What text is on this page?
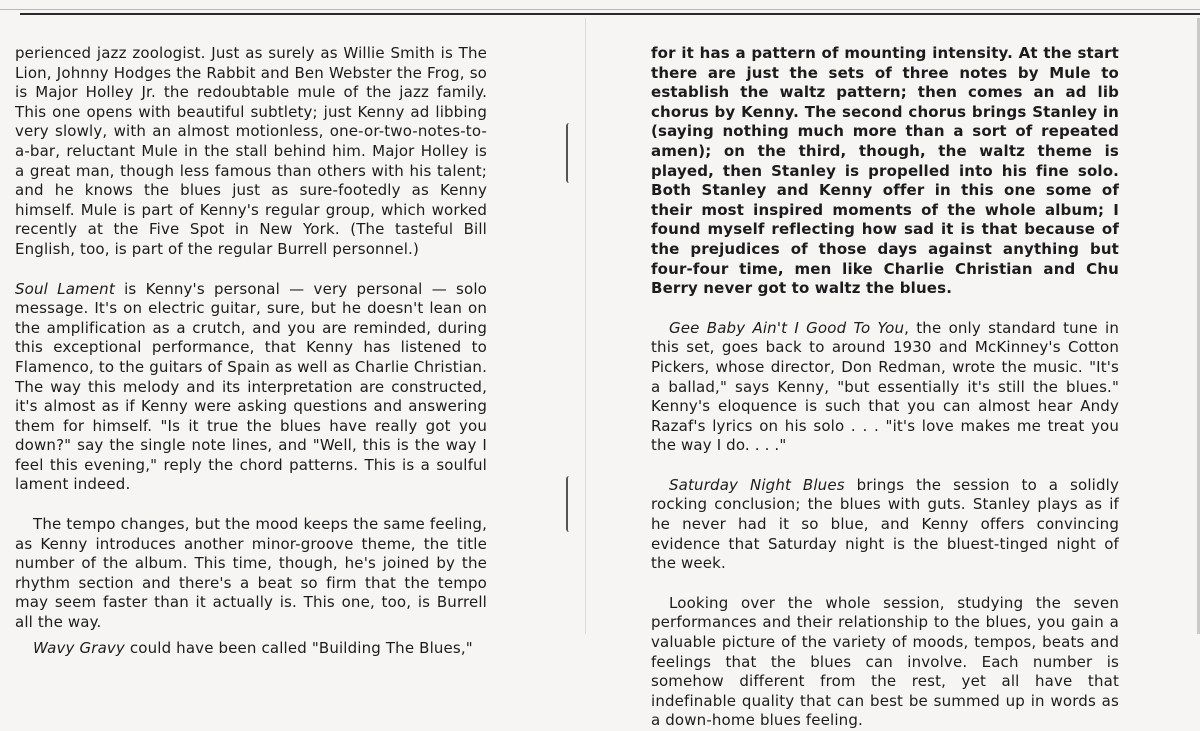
perienced jazz zoologist. Just as surely as Willie Smith is The Lion, Johnny Hodges the Rabbit and Ben Webster the Frog, so is Major Holley Jr. the redoubtable mule of the jazz family. This one opens with beautiful subtlety; just Kenny ad libbing very slowly, with an almost motionless, one-or-two-notes-to-a-bar, reluctant Mule in the stall behind him. Major Holley is a great man, though less famous than others with his talent; and he knows the blues just as sure-footedly as Kenny himself. Mule is part of Kenny's regular group, which worked recently at the Five Spot in New York. (The tasteful Bill English, too, is part of the regular Burrell personnel.)

Soul Lament is Kenny's personal — very personal — solo message. It's on electric guitar, sure, but he doesn't lean on the amplification as a crutch, and you are reminded, during this exceptional performance, that Kenny has listened to Flamenco, to the guitars of Spain as well as Charlie Christian. The way this melody and its interpretation are constructed, it's almost as if Kenny were asking questions and answering them for himself. "Is it true the blues have really got you down?" say the single note lines, and "Well, this is the way I feel this evening," reply the chord patterns. This is a soulful lament indeed.

The tempo changes, but the mood keeps the same feeling, as Kenny introduces another minor-groove theme, the title number of the album. This time, though, he's joined by the rhythm section and there's a beat so firm that the tempo may seem faster than it actually is. This one, too, is Burrell all the way.

Wavy Gravy could have been called "Building The Blues,"

for it has a pattern of mounting intensity. At the start there are just the sets of three notes by Mule to establish the waltz pattern; then comes an ad lib chorus by Kenny. The second chorus brings Stanley in (saying nothing much more than a sort of repeated amen); on the third, though, the waltz theme is played, then Stanley is propelled into his fine solo. Both Stanley and Kenny offer in this one some of their most inspired moments of the whole album; I found myself reflecting how sad it is that because of the prejudices of those days against anything but four-four time, men like Charlie Christian and Chu Berry never got to waltz the blues.

Gee Baby Ain't I Good To You, the only standard tune in this set, goes back to around 1930 and McKinney's Cotton Pickers, whose director, Don Redman, wrote the music. "It's a ballad," says Kenny, "but essentially it's still the blues." Kenny's eloquence is such that you can almost hear Andy Razaf's lyrics on his solo . . . "it's love makes me treat you the way I do. . . ."

Saturday Night Blues brings the session to a solidly rocking conclusion; the blues with guts. Stanley plays as if he never had it so blue, and Kenny offers convincing evidence that Saturday night is the bluest-tinged night of the week.

Looking over the whole session, studying the seven performances and their relationship to the blues, you gain a valuable picture of the variety of moods, tempos, beats and feelings that the blues can involve. Each number is somehow different from the rest, yet all have that indefinable quality that can best be summed up in words as a down-home blues feeling.
